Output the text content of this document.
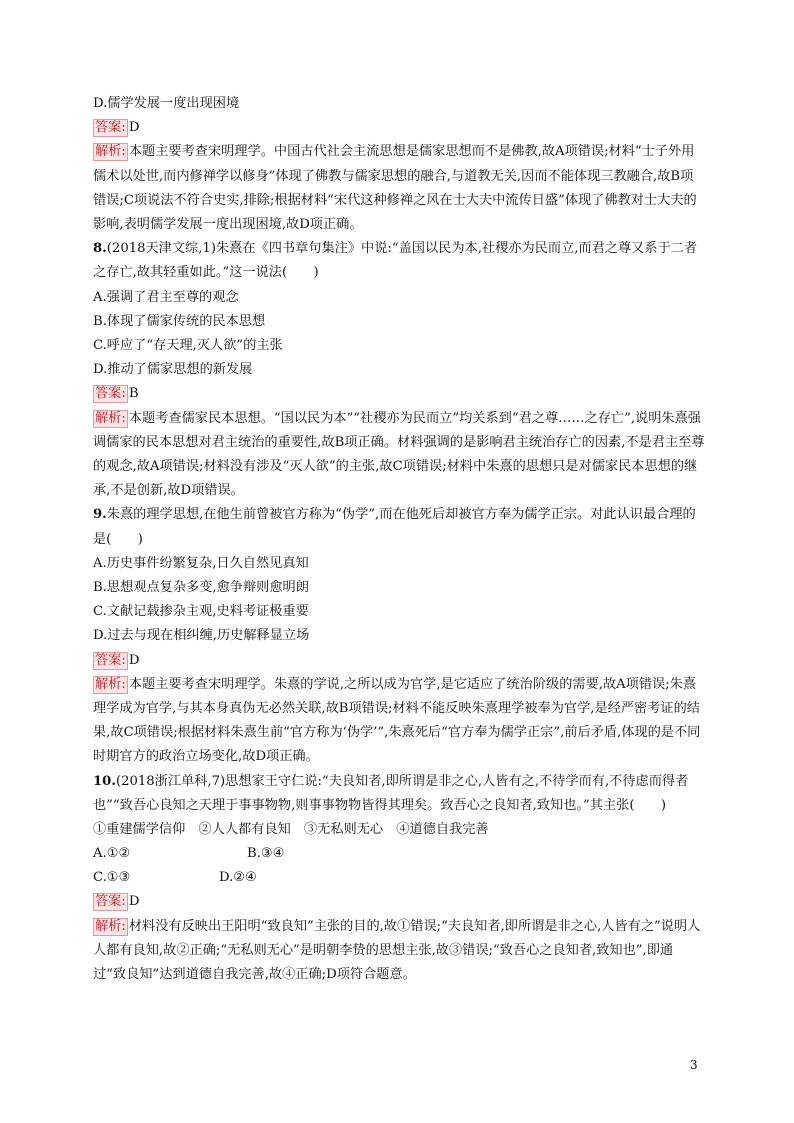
D.儒学发展一度出现困境
答案: D
解析: 本题主要考查宋明理学。中国古代社会主流思想是儒家思想而不是佛教,故A项错误;材料“士子外用儒术以处世,而内修禅学以修身”体现了佛教与儒家思想的融合,与道教无关,因而不能体现三教融合,故B项错误;C项说法不符合史实,排除;根据材料“宋代这种修禅之风在士大夫中流传日盛”体现了佛教对士大夫的影响,表明儒学发展一度出现困境,故D项正确。
8.(2018天津文综,1)朱熹在《四书章句集注》中说:“盖国以民为本,社稷亦为民而立,而君之尊又系于二者之存亡,故其轻重如此。”这一说法(　　)
A.强调了君主至尊的观念
B.体现了儒家传统的民本思想
C.呼应了“存天理,灭人欲”的主张
D.推动了儒家思想的新发展
答案: B
解析: 本题考查儒家民本思想。“国以民为本”“社稷亦为民而立”均关系到“君之尊……之存亡”,说明朱熹强调儒家的民本思想对君主统治的重要性,故B项正确。材料强调的是影响君主统治存亡的因素,不是君主至尊的观念,故A项错误;材料没有涉及“灭人欲”的主张,故C项错误;材料中朱熹的思想只是对儒家民本思想的继承,不是创新,故D项错误。
9.朱熹的理学思想,在他生前曾被官方称为“伪学”,而在他死后却被官方奉为儒学正宗。对此认识最合理的是(　　)
A.历史事件纷繁复杂,日久自然见真知
B.思想观点复杂多变,愈争辩则愈明朗
C.文献记载掺杂主观,史料考证极重要
D.过去与现在相纠缠,历史解释显立场
答案: D
解析: 本题主要考查宋明理学。朱熹的学说,之所以成为官学,是它适应了统治阶级的需要,故A项错误;朱熹理学成为官学,与其本身真伪无必然关联,故B项错误;材料不能反映朱熹理学被奉为官学,是经严密考证的结果,故C项错误;根据材料朱熹生前“官方称为‘伪学’”,朱熹死后“官方奉为儒学正宗”,前后矛盾,体现的是不同时期官方的政治立场变化,故D项正确。
10.(2018浙江单科,7)思想家王守仁说:“夫良知者,即所谓是非之心,人皆有之,不待学而有,不待虑而得者也”“致吾心良知之天理于事事物物,则事事物物皆得其理矣。致吾心之良知者,致知也。”其主张(　　)
①重建儒学信仰　②人人都有良知　③无私则无心　④道德自我完善
A.①②	B.③④
C.①③	D.②④
答案: D
解析: 材料没有反映出王阳明“致良知”主张的目的,故①错误;“夫良知者,即所谓是非之心,人皆有之”说明人人都有良知,故②正确;“无私则无心”是明朝李贽的思想主张,故③错误;“致吾心之良知者,致知也”,即通过“致良知”达到道德自我完善,故④正确;D项符合题意。
3
